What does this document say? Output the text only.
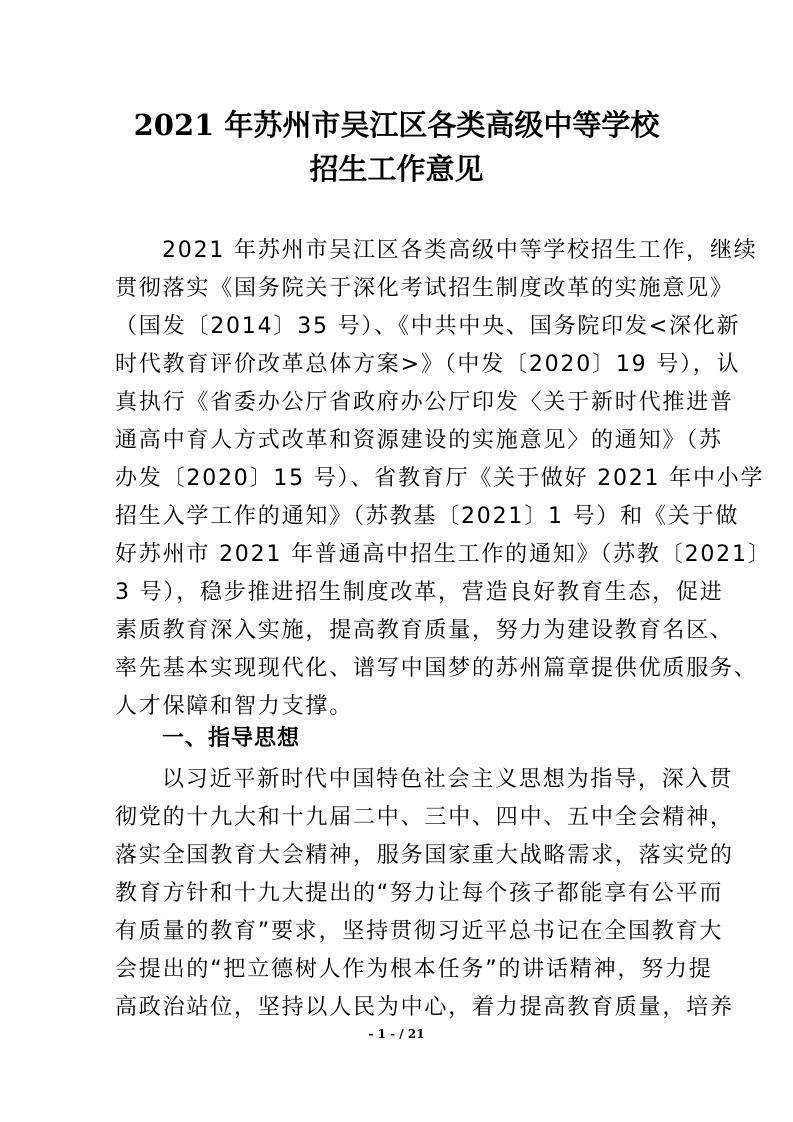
2021 年苏州市吴江区各类高级中等学校
招生工作意见
2021 年苏州市吴江区各类高级中等学校招生工作，继续
贯彻落实《国务院关于深化考试招生制度改革的实施意见》
（国发〔2014〕35 号）、《中共中央、国务院印发<深化新
时代教育评价改革总体方案>》（中发〔2020〕19 号），认
真执行《省委办公厅省政府办公厅印发〈关于新时代推进普
通高中育人方式改革和资源建设的实施意见〉的通知》（苏
办发〔2020〕15 号）、省教育厅《关于做好 2021 年中小学
招生入学工作的通知》（苏教基〔2021〕1 号）和《关于做
好苏州市 2021 年普通高中招生工作的通知》（苏教〔2021〕
3 号），稳步推进招生制度改革，营造良好教育生态，促进
素质教育深入实施，提高教育质量，努力为建设教育名区、
率先基本实现现代化、谱写中国梦的苏州篇章提供优质服务、
人才保障和智力支撑。
一、指导思想
以习近平新时代中国特色社会主义思想为指导，深入贯
彻党的十九大和十九届二中、三中、四中、五中全会精神，
落实全国教育大会精神，服务国家重大战略需求，落实党的
教育方针和十九大提出的“努力让每个孩子都能享有公平而
有质量的教育”要求，坚持贯彻习近平总书记在全国教育大
会提出的“把立德树人作为根本任务”的讲话精神，努力提
高政治站位，坚持以人民为中心，着力提高教育质量，培养
- 1 - / 21
